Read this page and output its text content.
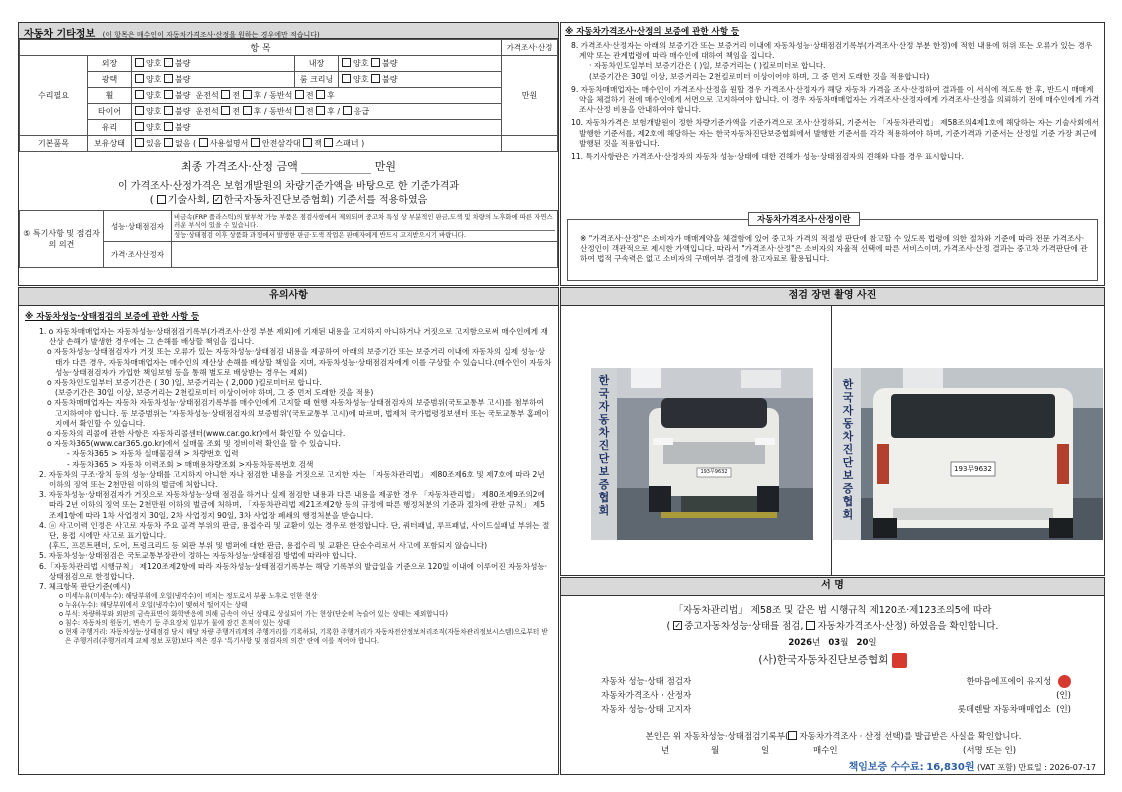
자동차 기타정보 (이 항목은 매수인이 자동차가격조사·산정을 원하는 경우에만 적습니다)
항 목					가격조사·산정
수리필요	외장	양호 불량	내장	양호 불량	만원
	광택	양호 불량	룸 크리닝	양호 불량	
	휠	양호 불량 운전석 전 후 / 동반석 전 후			
	타이어	양호 불량 운전석 전 후 / 동반석 전 후 / 응급			
	유리	양호 불량			
기본품목	보유상태	있음 없음 ( 사용설명서 안전삼각대 잭 스패너 )			
최종 가격조사·산정 금액	만원
이 가격조사·산정가격은 보험개발원의 차량기준가액을 바탕으로 한 기준가격과
( 기술사회, ✓ 한국자동차진단보증협회) 기준서를 적용하였음
⑤ 특기사항 및 점검자의 의견	성능·상태점검자	비금속(FRP 플라스틱)의 탈부착 가능 부품은 점검사항에서 제외되며 중고차 특성 상 부분적인 판금,도색 및 차량의 노후화에 따른 자연스러운 부식이 있을 수 있습니다.
성능·상태점검 이후 상품화 과정에서 발생한 판금·도색 작업은 판매자에게 반드시 고지받으시기 바랍니다.

	가격·조사산정자	
※ 자동차가격조사·산정의 보증에 관한 사항 등
8. 가격조사·산정자는 아래의 보증기간 또는 보증거리 이내에 자동차성능·상태점검기록부(가격조사·산정 부분 한정)에 적힌 내용에 허위 또는 오류가 있는 경우 계약 또는 관계법령에 따라 매수인에 대하여 책임을 집니다.
· 자동차인도일부터 보증기간은 ( )일, 보증거리는 ( )킬로미터로 합니다.
(보증기간은 30일 이상, 보증거리는 2천킬로미터 이상이어야 하며, 그 중 먼저 도래한 것을 적용합니다)
9. 자동차매매업자는 매수인이 가격조사·산정을 원할 경우 가격조사·산정자가 해당 자동차 가격을 조사·산정하여 결과를 이 서식에 적도록 한 후, 반드시 매매계약을 체결하기 전에 매수인에게 서면으로 고지하여야 합니다. 이 경우 자동차매매업자는 가격조사·산정자에게 가격조사·산정을 의뢰하기 전에 매수인에게 가격조사·산정 비용을 안내하여야 합니다.
10. 자동차가격은 보험개발원이 정한 차량기준가액을 기준가격으로 조사·산정하되, 기준서는 「자동차관리법」 제58조의4제1호에 해당하는 자는 기술사회에서 발행한 기준서를, 제2호에 해당하는 자는 한국자동차진단보증협회에서 발행한 기준서를 각각 적용하여야 하며, 기준가격과 기준서는 산정일 기준 가장 최근에 발행된 것을 적용합니다.
11. 특기사항란은 가격조사·산정자의 자동차 성능·상태에 대한 견해가 성능·상태점검자의 견해와 다를 경우 표시합니다.
자동차가격조사·산정이란
※ "가격조사·산정"은 소비자가 매매계약을 체결함에 있어 중고차 가격의 적절성 판단에 참고할 수 있도록 법령에 의한 절차와 기준에 따라 전문 가격조사·산정인이 객관적으로 제시한 가액입니다. 따라서 "가격조사·산정"은 소비자의 자율적 선택에 따른 서비스이며, 가격조사·산정 결과는 중고차 가격판단에 관하여 법적 구속력은 없고 소비자의 구매여부 결정에 참고자료로 활용됩니다.
유의사항
※ 자동차성능·상태점검의 보증에 관한 사항 등
1. o 자동차매매업자는 자동차성능·상태점검기록부(가격조사·산정 부분 제외)에 기재된 내용을 고지하지 아니하거나 거짓으로 고지함으로써 매수인에게 재산상 손해가 발생한 경우에는 그 손해를 배상할 책임을 집니다.
o 자동차성능·상태점검자가 거짓 또는 오류가 있는 자동차성능·상태점검 내용을 제공하여 아래의 보증기간 또는 보증거리 이내에 자동차의 실제 성능·상태가 다른 경우, 자동차매매업자는 매수인의 재산상 손해를 배상할 책임을 지며, 자동차성능·상태점검자에게 이를 구상할 수 있습니다.(매수인이 자동차성능·상태점검자가 가입한 책임보험 등을 통해 별도로 배상받는 경우는 제외)
o 자동차인도일부터 보증기간은 ( 30 )일, 보증거리는 ( 2,000 )킬로미터로 합니다.
(보증기간은 30일 이상, 보증거리는 2천킬로미터 이상이어야 하며, 그 중 먼저 도래한 것을 적용)
o 자동차매매업자는 자동차 자동차성능·상태점검기록부를 매수인에게 고지할 때 현행 자동차성능·상태점검자의 보증범위(국토교통부 고시)를 첨부하여 고지하여야 합니다. 동 보증범위는 '자동차성능·상태점검자의 보증범위'(국토교통부 고시)에 따르며, 법제처 국가법령정보센터 또는 국토교통부 홈페이지에서 확인할 수 있습니다.
o 자동차의 리콜에 관한 사항은 자동차리콜센터(www.car.go.kr)에서 확인할 수 있습니다.
o 자동차365(www.car365.go.kr)에서 실매물 조회 및 정비이력 확인을 할 수 있습니다.
- 자동차365 > 자동차 실매물검색 > 차량번호 입력
- 자동차365 > 자동차 이력조회 > 매매용차량조회 >자동차등록번호 검색
2. 자동차의 구조·장치 등의 성능·상태를 고지하지 아니한 자나 점검한 내용을 거짓으로 고지한 자는 「자동차관리법」 제80조제6호 및 제7호에 따라 2년 이하의 징역 또는 2천만원 이하의 벌금에 처합니다.
3. 자동차성능·상태점검자가 거짓으로 자동차성능·상태 점검을 하거나 실제 점검한 내용과 다른 내용을 제공한 경우 「자동차관리법」 제80조제9조의2에 따라 2년 이하의 징역 또는 2천만원 이하의 벌금에 처하며, 「자동차관리법 제21조제2항 등의 규정에 따른 행정처분의 기준과 절차에 관한 규칙」 제5조제1항에 따라 1차 사업정지 30일, 2차 사업정지 90일, 3차 사업장 폐쇄의 행정처분을 받습니다.
4. ⓐ 사고이력 인정은 사고로 자동차 주요 골격 부위의 판금, 용접수리 및 교환이 있는 경우로 한정합니다. 단, 쿼터패널, 루프패널, 사이드실패널 부위는 절단, 용접 시에만 사고로 표기합니다.
(후드, 프론트펜더, 도어, 트렁크리드 등 외판 부위 및 범퍼에 대한 판금, 용접수리 및 교환은 단순수리로서 사고에 포함되지 않습니다)
5. 자동차성능·상태점검은 국토교통부장관이 정하는 자동차성능·상태점검 방법에 따라야 합니다.
6.「자동차관리법 시행규칙」 제120조제2항에 따라 자동차성능·상태점검기록부는 해당 기록부의 발급일을 기준으로 120일 이내에 이루어진 자동차성능·상태점검으로 한정합니다.
7. 체크항목 판단기준(예시)
o 미세누유(미세누수): 해당부위에 오일(냉각수)이 비치는 정도로서 부품 노후로 인한 현상
o 누유(누수): 해당부위에서 오일(냉각수)이 맺혀서 떨어지는 상태
o 부식: 차량하부와 외판의 금속표면이 화학반응에 의해 금속이 아닌 상태로 상실되어 가는 현상(단순히 녹슬어 있는 상태는 제외합니다)
o 침수: 자동차의 원동기, 변속기 등 주요장치 일부가 물에 잠긴 흔적이 있는 상태
o 현재 주행거리: 자동차성능·상태점검 당시 해당 차량 주행거리계의 주행거리를 기록하되, 기록한 주행거리가 자동차전산정보처리조직(자동차관리정보시스템)으로부터 받은 주행거리(주행거리계 교체 정보 포함)보다 적은 경우 '특기사항 및 점검자의 의견' 란에 이를 적어야 합니다.
점검 장면 촬영 사진
한국자동차진단보증협회
193무9632
한국자동차진단보증협회
193무9632
서 명
「자동차관리법」 제58조 및 같은 법 시행규칙 제120조·제123조의5에 따라
( ✓ 중고자동차성능·상태를 점검, 자동차가격조사·산정) 하였음을 확인합니다.
2026년 03월 20일
(사)한국자동차진단보증협회
자동차 성능·상태 점검자	한마음에프에이 유지성
자동차가격조사 · 산정자	(인)
자동차 성능·상태 고지자	롯데렌탈 자동차매매업소 (인)
본인은 위 자동차성능·상태점검기록부( 자동차가격조사 · 산정 선택)를 발급받은 사실을 확인합니다.
년	월	일	매수인	(서명 또는 인)
책임보증 수수료: 16,830원 (VAT 포함) 만료일 : 2026-07-17
